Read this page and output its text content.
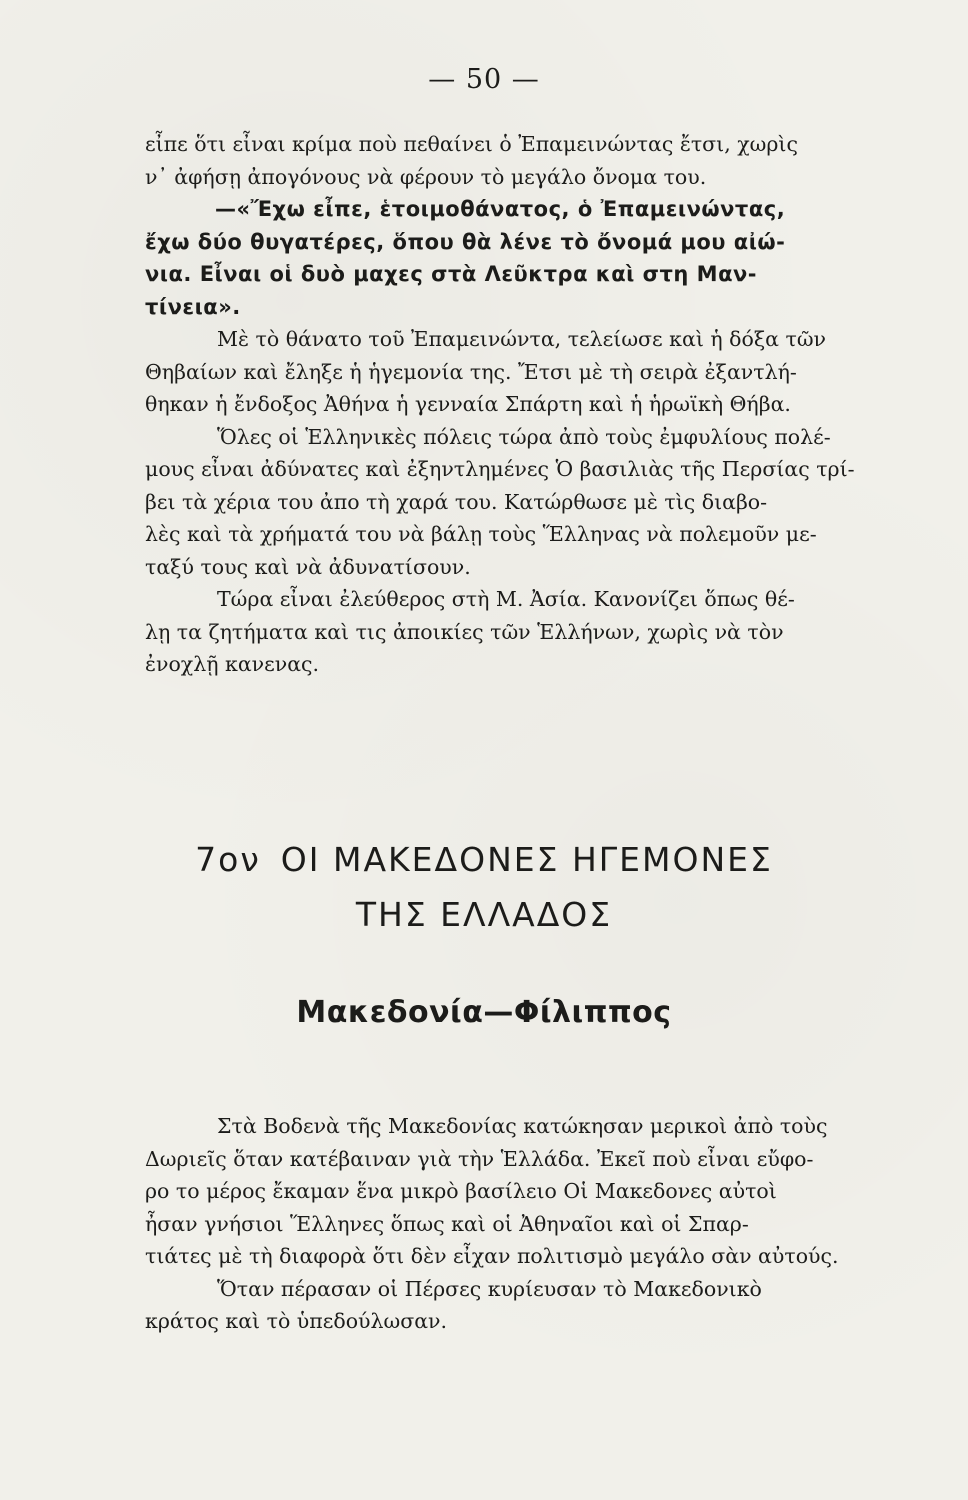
— 50 —
εἶπε ὅτι εἶναι κρίμα ποὺ πεθαίνει ὁ Ἐπαμεινώντας ἔτσι, χωρὶς
ν᾿ ἀφήσῃ ἀπογόνους νὰ φέρουν τὸ μεγάλο ὄνομα του.
—«Ἔχω εἶπε, ἑτοιμοθάνατος, ὁ Ἐπαμεινώντας,
ἔχω δύο θυγατέρες, ὅπου θὰ λένε τὸ ὄνομά μου αἰώ-
νια. Εἶναι οἱ δυὸ μαχες στὰ Λεῦκτρα καὶ στη Μαν-
τίνεια».
Μὲ τὸ θάνατο τοῦ Ἐπαμεινώντα, τελείωσε καὶ ἡ δόξα τῶν
Θηβαίων καὶ ἔληξε ἡ ἡγεμονία της. Ἔτσι μὲ τὴ σειρὰ ἐξαντλή-
θηκαν ἡ ἔνδοξος Ἀθήνα ἡ γενναία Σπάρτη καὶ ἡ ἡρωϊκὴ Θήβα.
Ὅλες οἱ Ἑλληνικὲς πόλεις τώρα ἀπὸ τοὺς ἐμφυλίους πολέ-
μους εἶναι ἀδύνατες καὶ ἐξηντλημένες Ὁ βασιλιὰς τῆς Περσίας τρί-
βει τὰ χέρια του ἀπο τὴ χαρά του. Κατώρθωσε μὲ τὶς διαβο-
λὲς καὶ τὰ χρήματά του νὰ βάλῃ τοὺς Ἕλληνας νὰ πολεμοῦν με-
ταξύ τους καὶ νὰ ἀδυνατίσουν.
Τώρα εἶναι ἐλεύθερος στὴ Μ. Ἀσία. Κανονίζει ὅπως θέ-
λῃ τα ζητήματα καὶ τις ἀποικίες τῶν Ἑλλήνων, χωρὶς νὰ τὸν
ἐνοχλῇ κανενας.
7ον ΟΙ ΜΑΚΕΔΟΝΕΣ ΗΓΕΜΟΝΕΣ
ΤΗΣ ΕΛΛΑΔΟΣ
Μακεδονία—Φίλιππος
Στὰ Βοδενὰ τῆς Μακεδονίας κατώκησαν μερικοὶ ἀπὸ τοὺς
Δωριεῖς ὅταν κατέβαιναν γιὰ τὴν Ἑλλάδα. Ἐκεῖ ποὺ εἶναι εὔφο-
ρο το μέρος ἔκαμαν ἕνα μικρὸ βασίλειο Οἱ Μακεδονες αὐτοὶ
ἦσαν γνήσιοι Ἕλληνες ὅπως καὶ οἱ Ἀθηναῖοι καὶ οἱ Σπαρ-
τιάτες μὲ τὴ διαφορὰ ὅτι δὲν εἶχαν πολιτισμὸ μεγάλο σὰν αὐτούς.
Ὅταν πέρασαν οἱ Πέρσες κυρίευσαν τὸ Μακεδονικὸ
κράτος καὶ τὸ ὑπεδούλωσαν.
